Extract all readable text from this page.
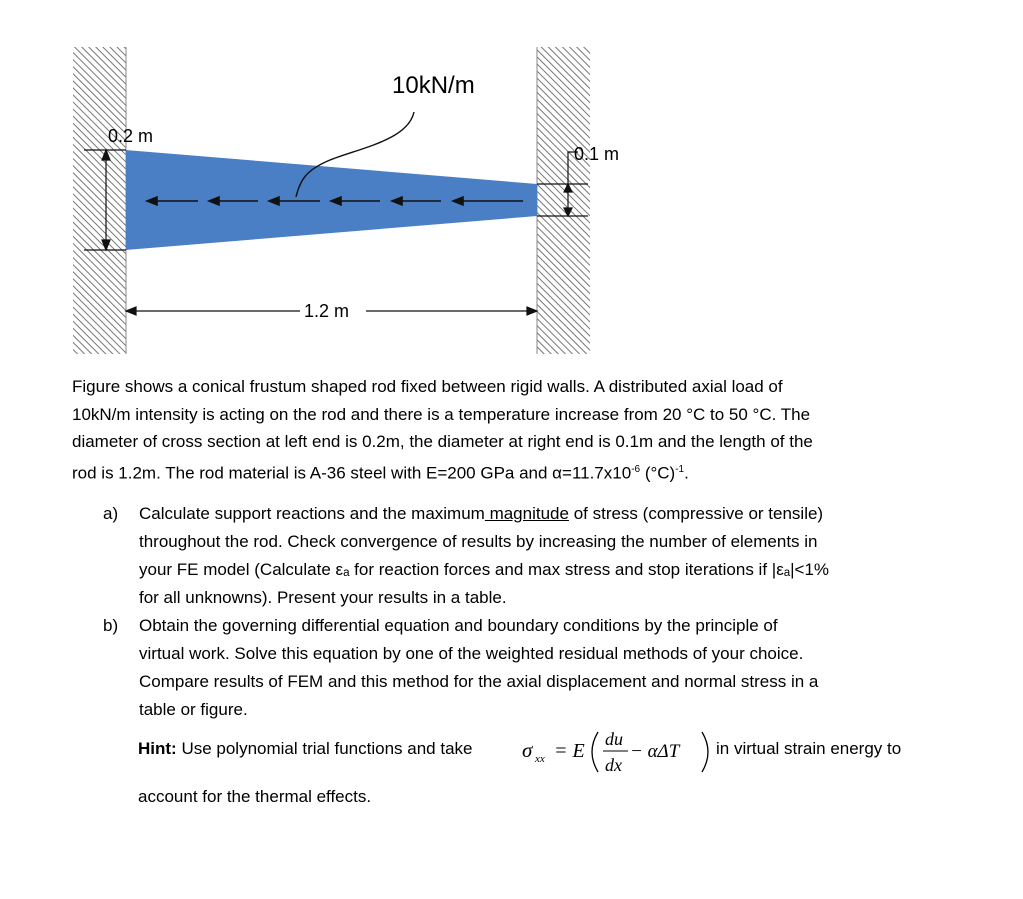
10kN/m
0.2 m
0.1 m
1.2 m
Figure shows a conical frustum shaped rod fixed between rigid walls. A distributed axial load of
10kN/m intensity is acting on the rod and there is a temperature increase from 20 °C to 50 °C. The
diameter of cross section at left end is 0.2m, the diameter at right end is 0.1m and the length of the
rod is 1.2m. The rod material is A-36 steel with E=200 GPa and $\alpha=11.7x10^{-6}$ $(^\circ C)^{-1}$.
a) Calculate support reactions and the maximum magnitude of stress (compressive or tensile)
throughout the rod. Check convergence of results by increasing the number of elements in
your FE model (Calculate εₐ for reaction forces and max stress and stop iterations if |εₐ|<1%
for all unknowns). Present your results in a table.
b) Obtain the governing differential equation and boundary conditions by the principle of
virtual work. Solve this equation by one of the weighted residual methods of your choice.
Compare results of FEM and this method for the axial displacement and normal stress in a
table or figure.
Hint: Use polynomial trial functions and take σ xx = E
du
dx
− αΔT in virtual strain energy to
account for the thermal effects.
